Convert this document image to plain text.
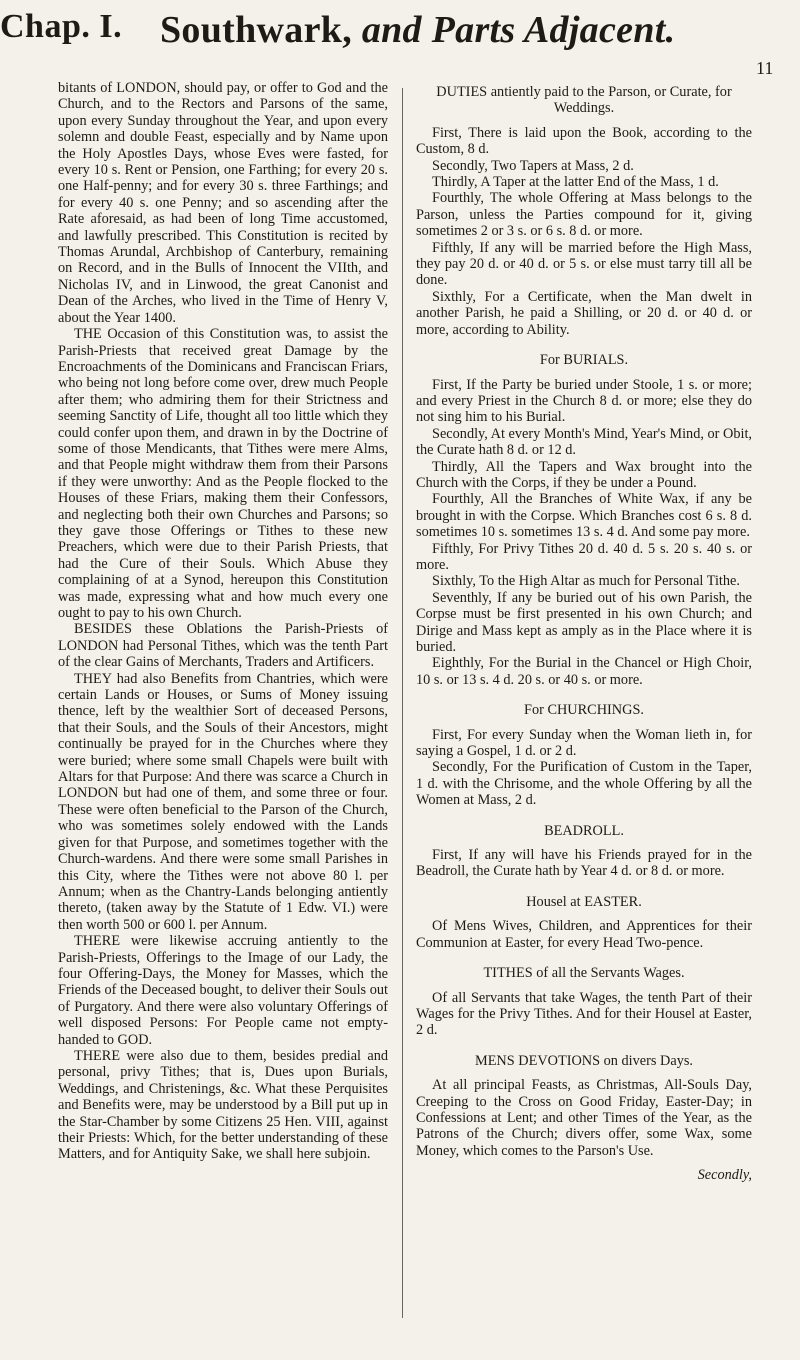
Chap. I. Southwark, and Parts Adjacent.
11

bitants of LONDON, should pay, or offer to God and the Church, and to the Rectors and Parsons of the same, upon every Sunday throughout the Year, and upon every solemn and double Feast, especially and by Name upon the Holy Apostles Days, whose Eves were fasted, for every 10 s. Rent or Pension, one Farthing; for every 20 s. one Half-penny; and for every 30 s. three Farthings; and for every 40 s. one Penny; and so ascending after the Rate aforesaid, as had been of long Time accustomed, and lawfully prescribed. This Constitution is recited by Thomas Arundal, Archbishop of Canterbury, remaining on Record, and in the Bulls of Innocent the VIIth, and Nicholas IV, and in Linwood, the great Canonist and Dean of the Arches, who lived in the Time of Henry V, about the Year 1400.

THE Occasion of this Constitution was, to assist the Parish-Priests that received great Damage by the Encroachments of the Dominicans and Franciscan Friars, who being not long before come over, drew much People after them; who admiring them for their Strictness and seeming Sanctity of Life, thought all too little which they could confer upon them, and drawn in by the Doctrine of some of those Mendicants, that Tithes were mere Alms, and that People might withdraw them from their Parsons if they were unworthy: And as the People flocked to the Houses of these Friars, making them their Confessors, and neglecting both their own Churches and Parsons; so they gave those Offerings or Tithes to these new Preachers, which were due to their Parish Priests, that had the Cure of their Souls. Which Abuse they complaining of at a Synod, hereupon this Constitution was made, expressing what and how much every one ought to pay to his own Church.

BESIDES these Oblations the Parish-Priests of LONDON had Personal Tithes, which was the tenth Part of the clear Gains of Merchants, Traders and Artificers.

THEY had also Benefits from Chantries, which were certain Lands or Houses, or Sums of Money issuing thence, left by the wealthier Sort of deceased Persons, that their Souls, and the Souls of their Ancestors, might continually be prayed for in the Churches where they were buried; where some small Chapels were built with Altars for that Purpose: And there was scarce a Church in LONDON but had one of them, and some three or four. These were often beneficial to the Parson of the Church, who was sometimes solely endowed with the Lands given for that Purpose, and sometimes together with the Church-wardens. And there were some small Parishes in this City, where the Tithes were not above 80 l. per Annum; when as the Chantry-Lands belonging antiently thereto, (taken away by the Statute of 1 Edw. VI.) were then worth 500 or 600 l. per Annum.

THERE were likewise accruing antiently to the Parish-Priests, Offerings to the Image of our Lady, the four Offering-Days, the Money for Masses, which the Friends of the Deceased bought, to deliver their Souls out of Purgatory. And there were also voluntary Offerings of well disposed Persons: For People came not empty-handed to GOD.

THERE were also due to them, besides predial and personal, privy Tithes; that is, Dues upon Burials, Weddings, and Christenings, &c. What these Perquisites and Benefits were, may be understood by a Bill put up in the Star-Chamber by some Citizens 25 Hen. VIII, against their Priests: Which, for the better understanding of these Matters, and for Antiquity Sake, we shall here subjoin.

DUTIES antiently paid to the Parson, or Curate, for Weddings.

First, There is laid upon the Book, according to the Custom, 8 d.

Secondly, Two Tapers at Mass, 2 d.

Thirdly, A Taper at the latter End of the Mass, 1 d.

Fourthly, The whole Offering at Mass belongs to the Parson, unless the Parties compound for it, giving sometimes 2 or 3 s. or 6 s. 8 d. or more.

Fifthly, If any will be married before the High Mass, they pay 20 d. or 40 d. or 5 s. or else must tarry till all be done.

Sixthly, For a Certificate, when the Man dwelt in another Parish, he paid a Shilling, or 20 d. or 40 d. or more, according to Ability.

For BURIALS.

First, If the Party be buried under Stoole, 1 s. or more; and every Priest in the Church 8 d. or more; else they do not sing him to his Burial.

Secondly, At every Month's Mind, Year's Mind, or Obit, the Curate hath 8 d. or 12 d.

Thirdly, All the Tapers and Wax brought into the Church with the Corps, if they be under a Pound.

Fourthly, All the Branches of White Wax, if any be brought in with the Corpse. Which Branches cost 6 s. 8 d. sometimes 10 s. sometimes 13 s. 4 d. And some pay more.

Fifthly, For Privy Tithes 20 d. 40 d. 5 s. 20 s. 40 s. or more.

Sixthly, To the High Altar as much for Personal Tithe.

Seventhly, If any be buried out of his own Parish, the Corpse must be first presented in his own Church; and Dirige and Mass kept as amply as in the Place where it is buried.

Eighthly, For the Burial in the Chancel or High Choir, 10 s. or 13 s. 4 d. 20 s. or 40 s. or more.

For CHURCHINGS.

First, For every Sunday when the Woman lieth in, for saying a Gospel, 1 d. or 2 d.

Secondly, For the Purification of Custom in the Taper, 1 d. with the Chrisome, and the whole Offering by all the Women at Mass, 2 d.

BEADROLL.

First, If any will have his Friends prayed for in the Beadroll, the Curate hath by Year 4 d. or 8 d. or more.

Housel at EASTER.

Of Mens Wives, Children, and Apprentices for their Communion at Easter, for every Head Two-pence.

TITHES of all the Servants Wages.

Of all Servants that take Wages, the tenth Part of their Wages for the Privy Tithes. And for their Housel at Easter, 2 d.

MENS DEVOTIONS on divers Days.

At all principal Feasts, as Christmas, All-Souls Day, Creeping to the Cross on Good Friday, Easter-Day; in Confessions at Lent; and other Times of the Year, as the Patrons of the Church; divers offer, some Wax, some Money, which comes to the Parson's Use.

Secondly,
